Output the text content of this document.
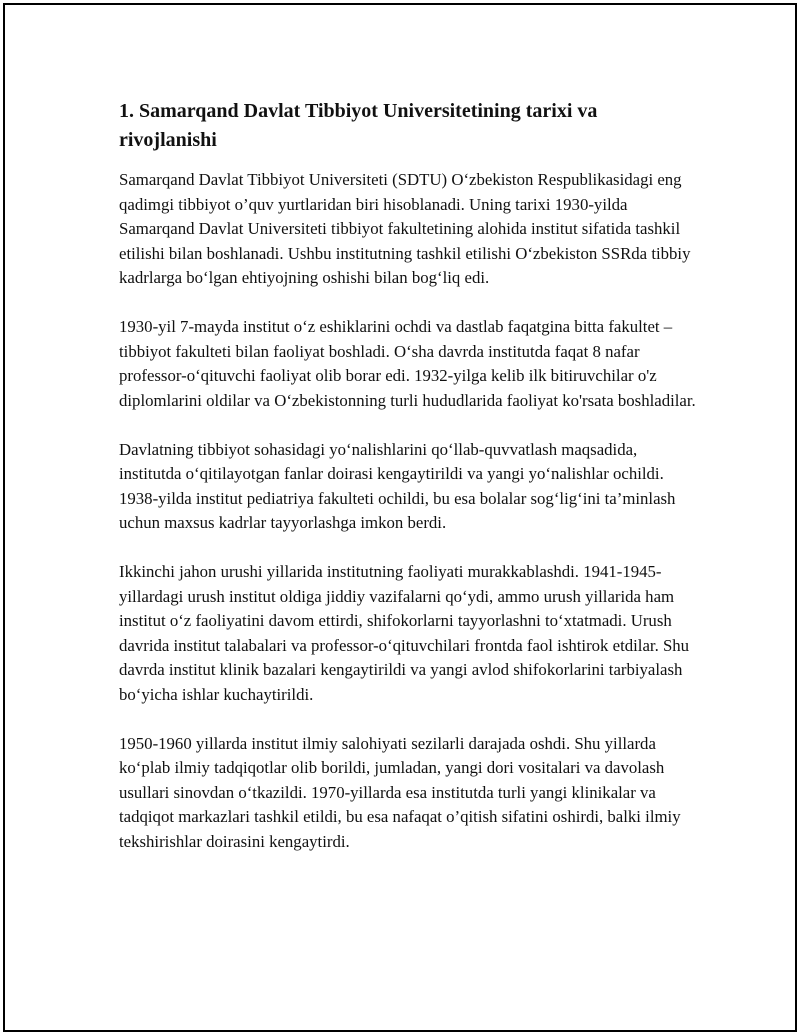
1. Samarqand Davlat Tibbiyot Universitetining tarixi va rivojlanishi

Samarqand Davlat Tibbiyot Universiteti (SDTU) O‘zbekiston Respublikasidagi eng qadimgi tibbiyot o’quv yurtlaridan biri hisoblanadi. Uning tarixi 1930-yilda Samarqand Davlat Universiteti tibbiyot fakultetining alohida institut sifatida tashkil etilishi bilan boshlanadi. Ushbu institutning tashkil etilishi O‘zbekiston SSRda tibbiy kadrlarga bo‘lgan ehtiyojning oshishi bilan bog‘liq edi.

1930-yil 7-mayda institut o‘z eshiklarini ochdi va dastlab faqatgina bitta fakultet – tibbiyot fakulteti bilan faoliyat boshladi. O‘sha davrda institutda faqat 8 nafar professor-o‘qituvchi faoliyat olib borar edi. 1932-yilga kelib ilk bitiruvchilar o'z diplomlarini oldilar va O‘zbekistonning turli hududlarida faoliyat ko'rsata boshladilar.

Davlatning tibbiyot sohasidagi yo‘nalishlarini qo‘llab-quvvatlash maqsadida, institutda o‘qitilayotgan fanlar doirasi kengaytirildi va yangi yo‘nalishlar ochildi. 1938-yilda institut pediatriya fakulteti ochildi, bu esa bolalar sog‘lig‘ini ta’minlash uchun maxsus kadrlar tayyorlashga imkon berdi.

Ikkinchi jahon urushi yillarida institutning faoliyati murakkablashdi. 1941-1945-yillardagi urush institut oldiga jiddiy vazifalarni qo‘ydi, ammo urush yillarida ham institut o‘z faoliyatini davom ettirdi, shifokorlarni tayyorlashni to‘xtatmadi. Urush davrida institut talabalari va professor-o‘qituvchilari frontda faol ishtirok etdilar. Shu davrda institut klinik bazalari kengaytirildi va yangi avlod shifokorlarini tarbiyalash bo‘yicha ishlar kuchaytirildi.

1950-1960 yillarda institut ilmiy salohiyati sezilarli darajada oshdi. Shu yillarda ko‘plab ilmiy tadqiqotlar olib borildi, jumladan, yangi dori vositalari va davolash usullari sinovdan o‘tkazildi. 1970-yillarda esa institutda turli yangi klinikalar va tadqiqot markazlari tashkil etildi, bu esa nafaqat o’qitish sifatini oshirdi, balki ilmiy tekshirishlar doirasini kengaytirdi.
